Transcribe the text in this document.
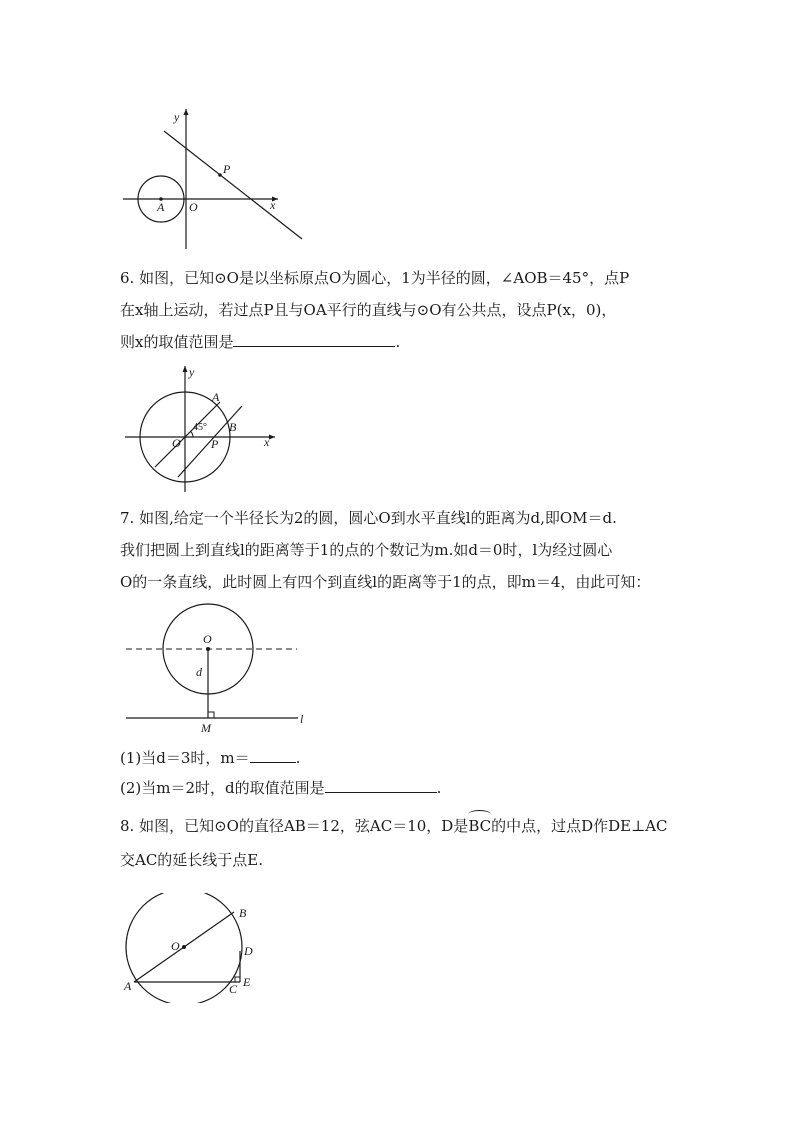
y
x
P
A O
6. 如图，已知⊙O是以坐标原点O为圆心，1为半径的圆，∠AOB＝45°，点P
在x轴上运动，若过点P且与OA平行的直线与⊙O有公共点，设点P(x，0)，
则x的取值范围是	.
A
y
45° B
O	P	x
7. 如图,给定一个半径长为2的圆，圆心O到水平直线l的距离为d,即OM＝d.
我们把圆上到直线l的距离等于1的点的个数记为m.如d＝0时，l为经过圆心
O的一条直线，此时圆上有四个到直线l的距离等于1的点，即m＝4，由此可知：
O
d
M
l
(1)当d＝3时，m＝	.
(2)当m＝2时，d的取值范围是	.
8. 如图，已知⊙O的直径AB＝12，弦AC＝10，D是
BC的中点，过点D作DE⊥AC
交AC的延长线于点E.
B
O	D
A	C E
